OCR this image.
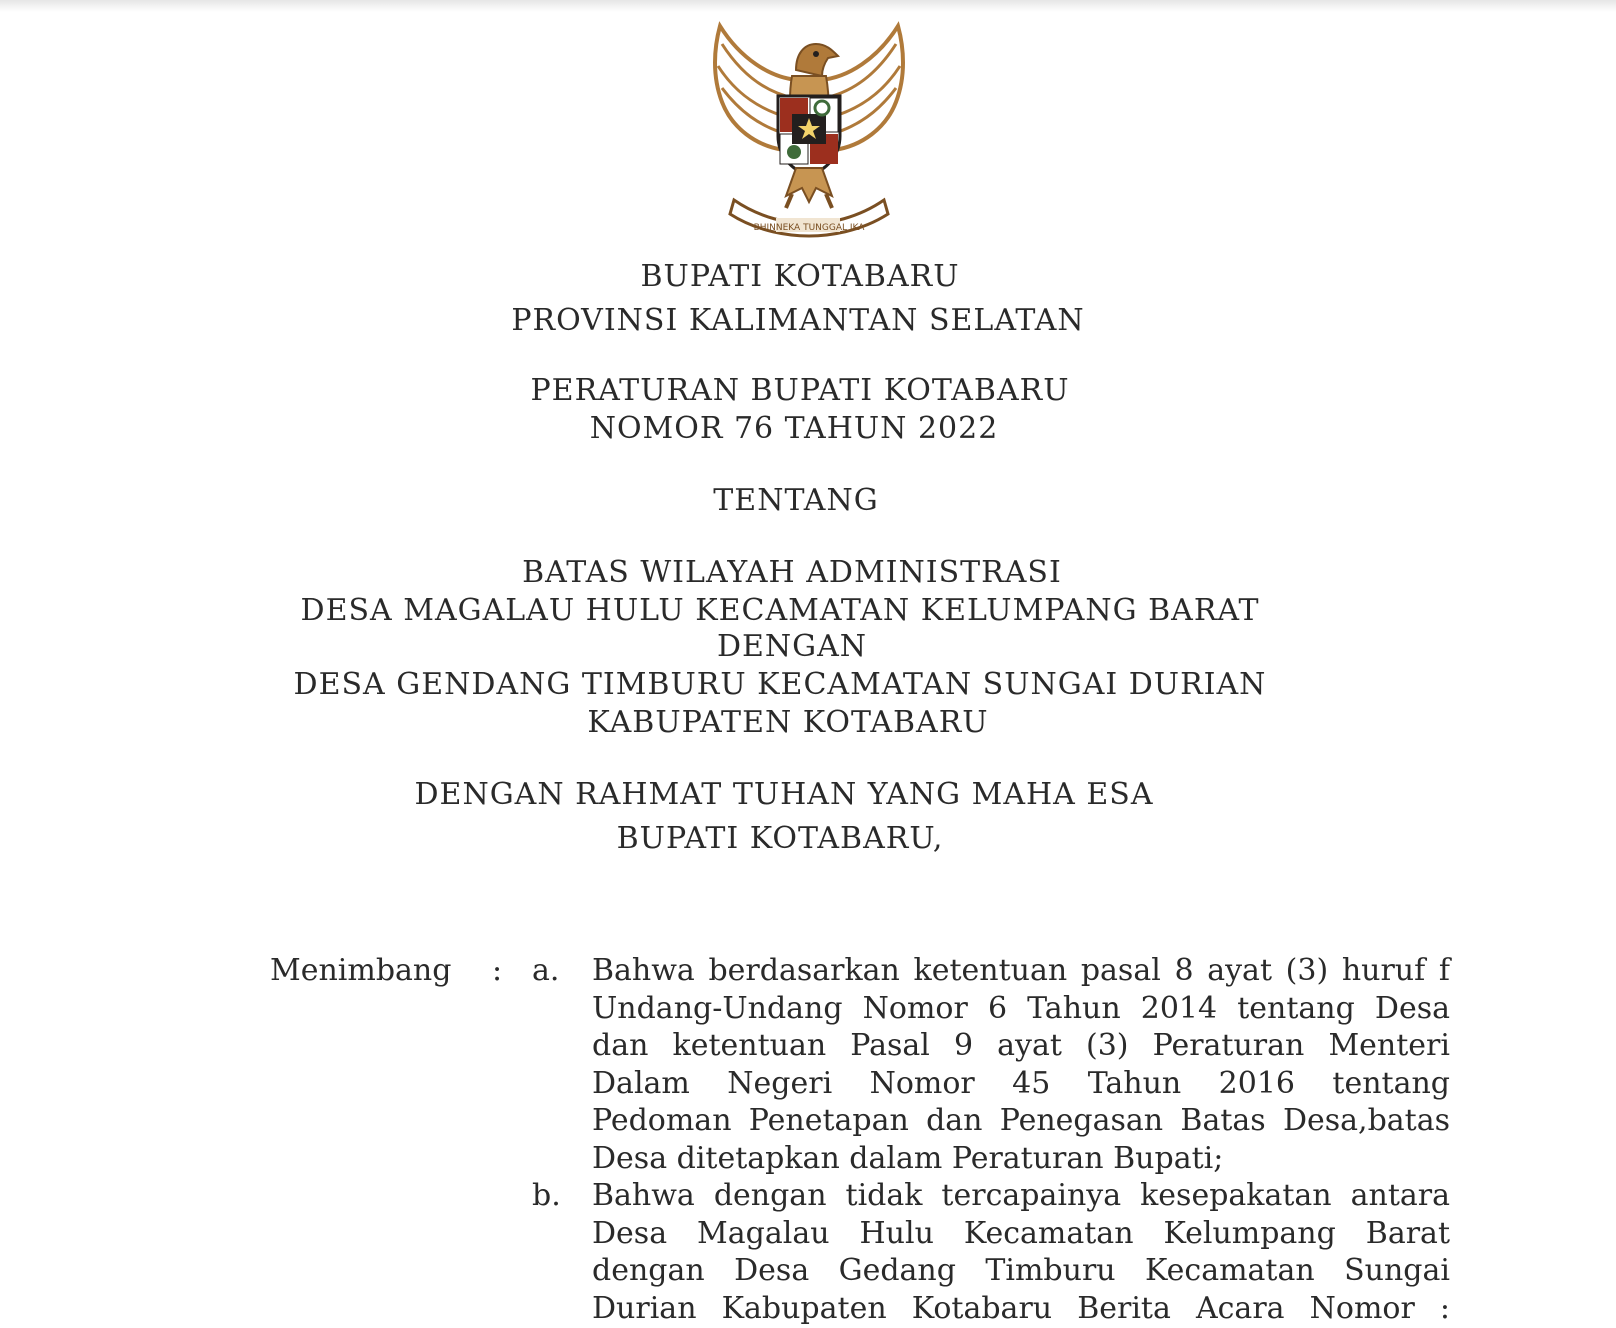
BHINNEKA TUNGGAL IKA
BUPATI KOTABARU
PROVINSI KALIMANTAN SELATAN
PERATURAN BUPATI KOTABARU
NOMOR 76 TAHUN 2022
TENTANG
BATAS WILAYAH ADMINISTRASI
DESA MAGALAU HULU KECAMATAN KELUMPANG BARAT
DENGAN
DESA GENDANG TIMBURU KECAMATAN SUNGAI DURIAN
KABUPATEN KOTABARU
DENGAN RAHMAT TUHAN YANG MAHA ESA
BUPATI KOTABARU,
Menimbang : a. Bahwa berdasarkan ketentuan pasal 8 ayat (3) huruf f
Undang-Undang Nomor 6 Tahun 2014 tentang Desa
dan ketentuan Pasal 9 ayat (3) Peraturan Menteri
Dalam Negeri Nomor 45 Tahun 2016 tentang
Pedoman Penetapan dan Penegasan Batas Desa,batas
Desa ditetapkan dalam Peraturan Bupati;
b. Bahwa dengan tidak tercapainya kesepakatan antara
Desa Magalau Hulu Kecamatan Kelumpang Barat
dengan Desa Gedang Timburu Kecamatan Sungai
Durian Kabupaten Kotabaru Berita Acara Nomor :
